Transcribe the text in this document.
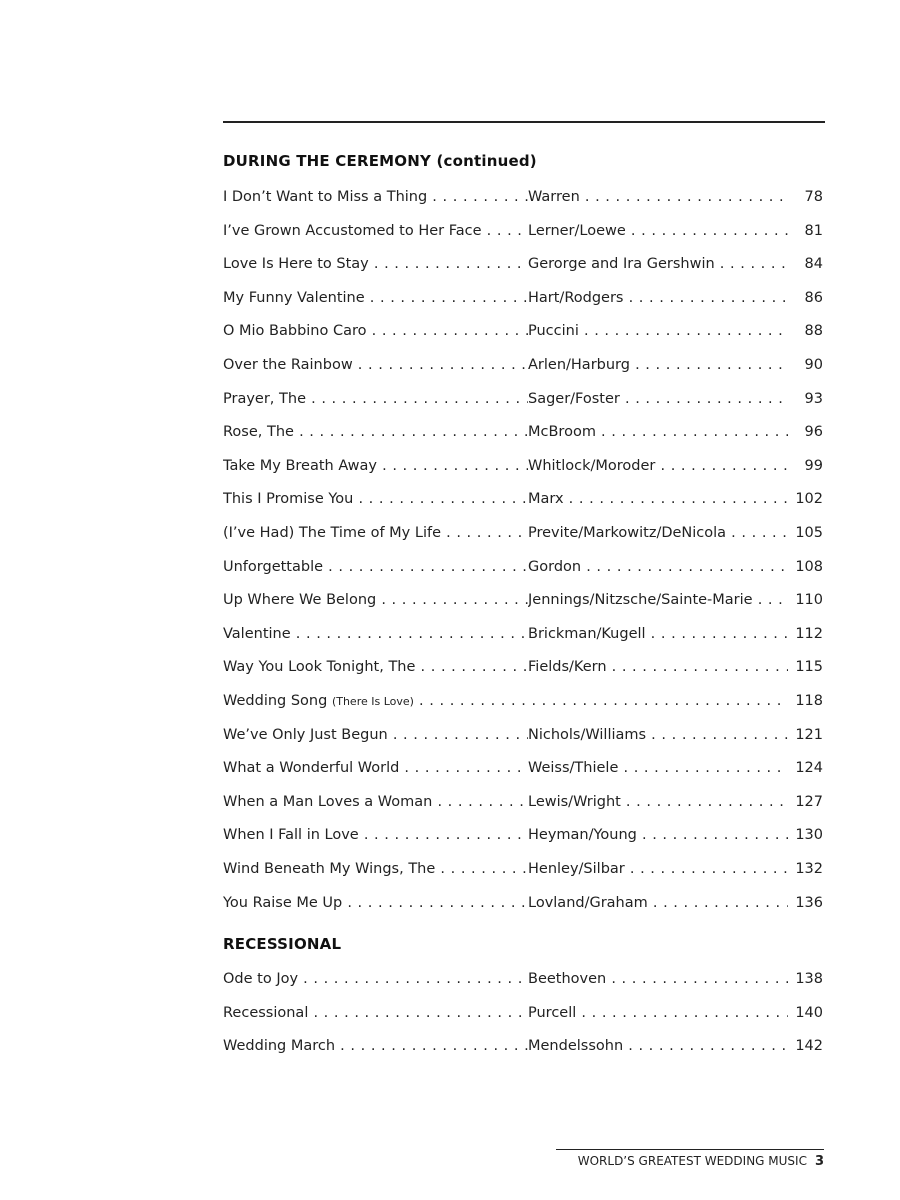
DURING THE CEREMONY (continued)
I Don’t Want to Miss a Thing . . .	Warren . . .	78
I’ve Grown Accustomed to Her Face . . .	Lerner/Loewe . . .	81
Love Is Here to Stay . . .	Gerorge and Ira Gershwin . . .	84
My Funny Valentine . . .	Hart/Rodgers . . .	86
O Mio Babbino Caro . . .	Puccini . . .	88
Over the Rainbow . . .	Arlen/Harburg . . .	90
Prayer, The . . .	Sager/Foster . . .	93
Rose, The . . .	McBroom . . .	96
Take My Breath Away . . .	Whitlock/Moroder . . .	99
This I Promise You . . .	Marx . . .	102
(I’ve Had) The Time of My Life . . .	Previte/Markowitz/DeNicola . . .	105
Unforgettable . . .	Gordon . . .	108
Up Where We Belong . . .	Jennings/Nitzsche/Sainte-Marie . . .	110
Valentine . . .	Brickman/Kugell . . .	112
Way You Look Tonight, The . . .	Fields/Kern . . .	115
Wedding Song (There Is Love) . . .	118
We’ve Only Just Begun . . .	Nichols/Williams . . .	121
What a Wonderful World . . .	Weiss/Thiele . . .	124
When a Man Loves a Woman . . .	Lewis/Wright . . .	127
When I Fall in Love . . .	Heyman/Young . . .	130
Wind Beneath My Wings, The . . .	Henley/Silbar . . .	132
You Raise Me Up . . .	Lovland/Graham . . .	136
RECESSIONAL
Ode to Joy . . .	Beethoven . . .	138
Recessional . . .	Purcell . . .	140
Wedding March . . .	Mendelssohn . . .	142
WORLD’S GREATEST WEDDING MUSIC 3
